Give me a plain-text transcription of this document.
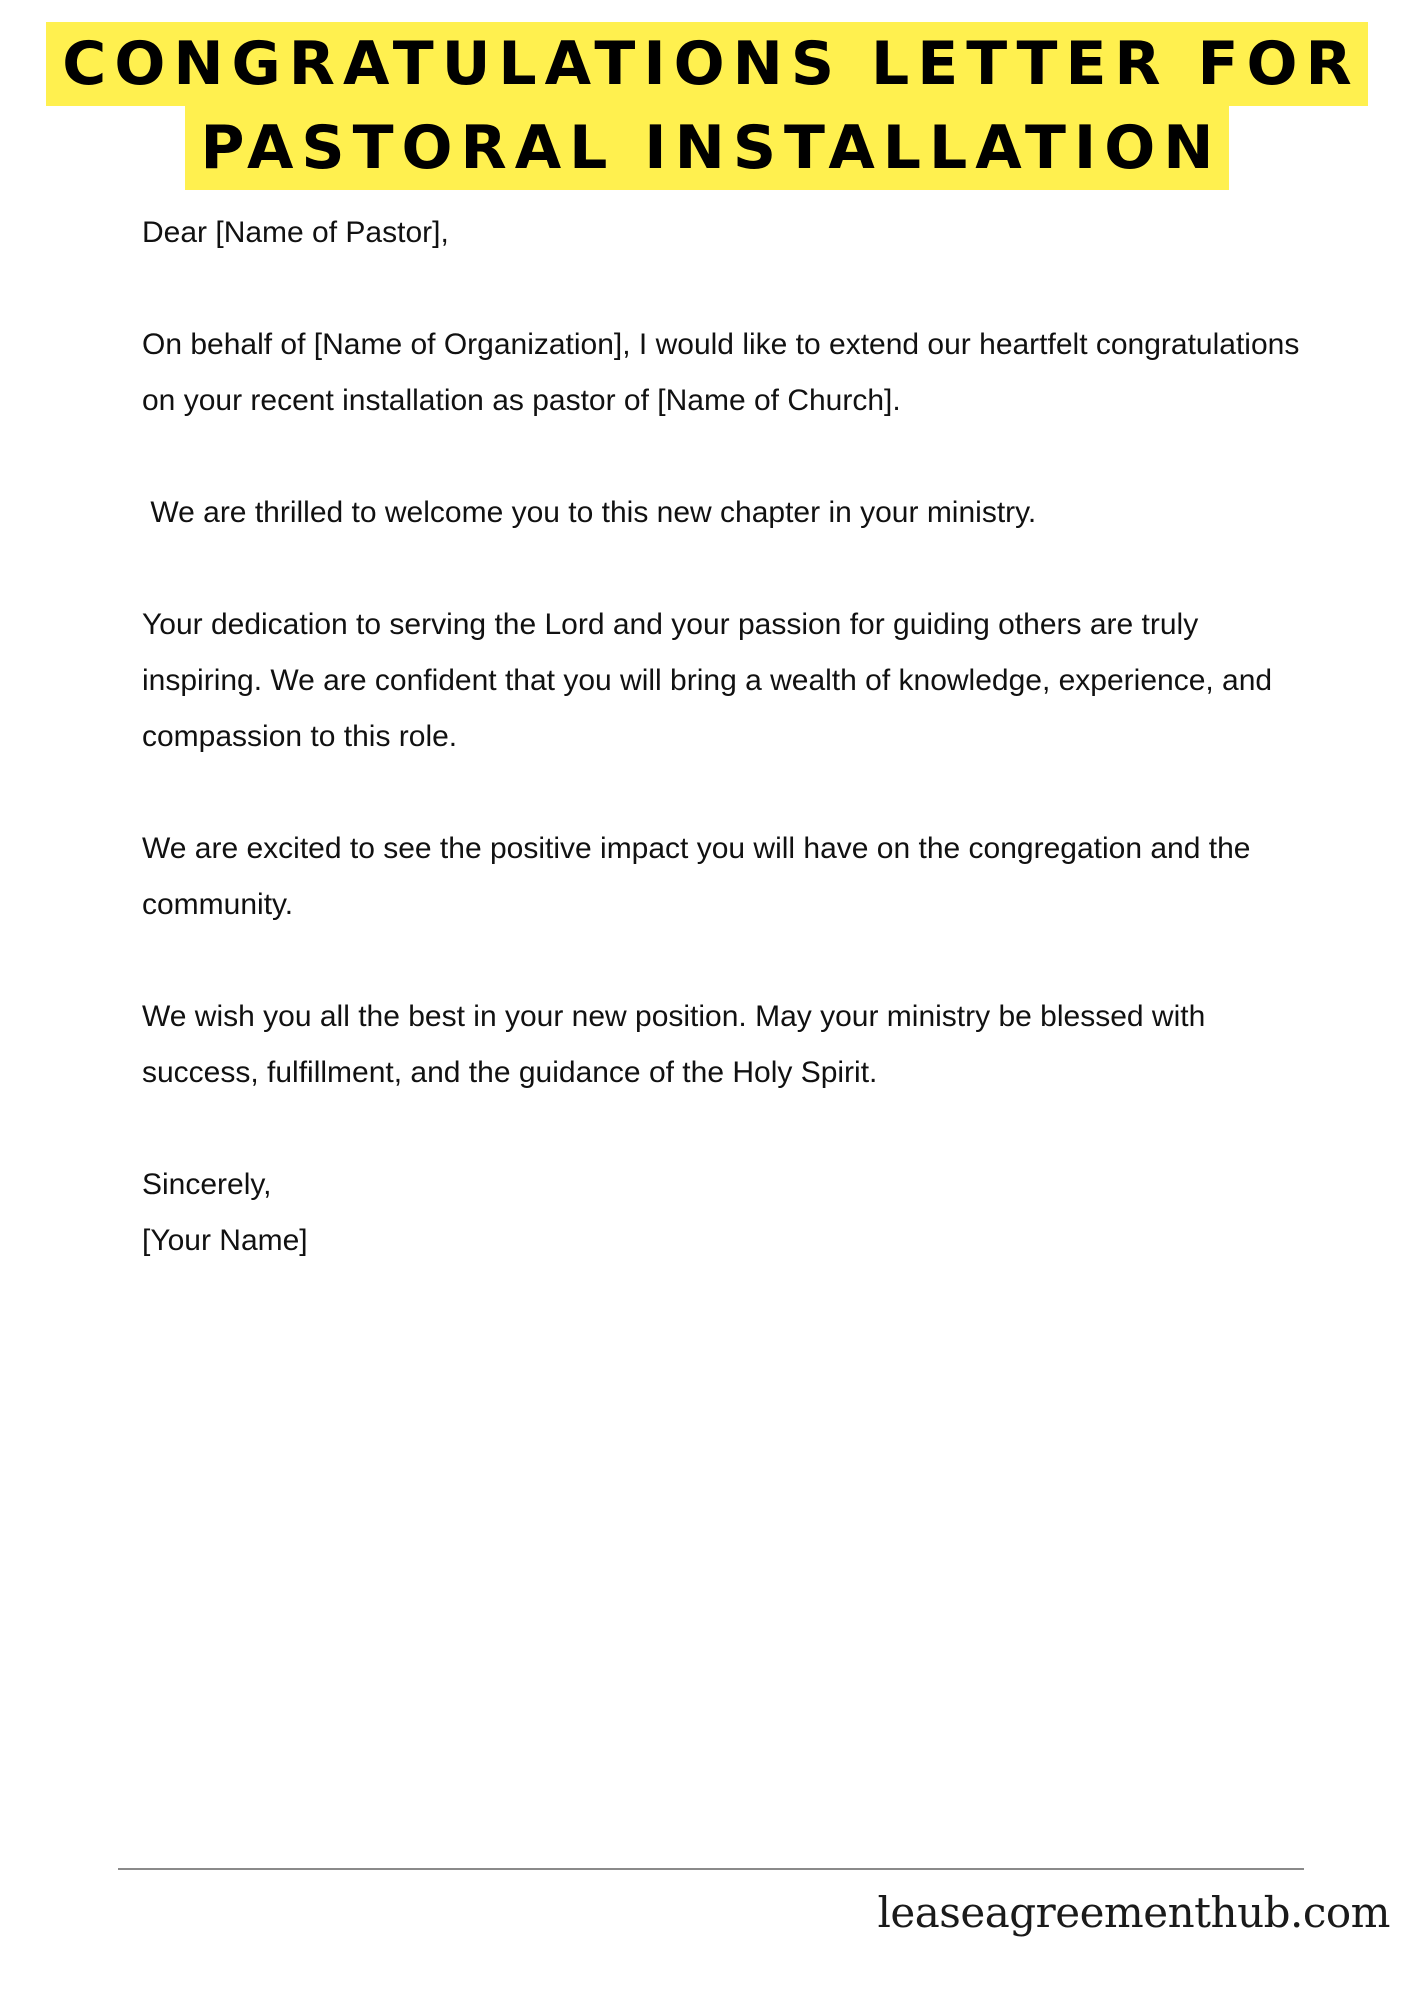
CONGRATULATIONS LETTER FOR
PASTORAL INSTALLATION

Dear [Name of Pastor],

On behalf of [Name of Organization], I would like to extend our heartfelt congratulations on your recent installation as pastor of [Name of Church].

We are thrilled to welcome you to this new chapter in your ministry.

Your dedication to serving the Lord and your passion for guiding others are truly inspiring. We are confident that you will bring a wealth of knowledge, experience, and compassion to this role.

We are excited to see the positive impact you will have on the congregation and the community.

We wish you all the best in your new position. May your ministry be blessed with success, fulfillment, and the guidance of the Holy Spirit.

Sincerely,

[Your Name]

leaseagreementhub.com
